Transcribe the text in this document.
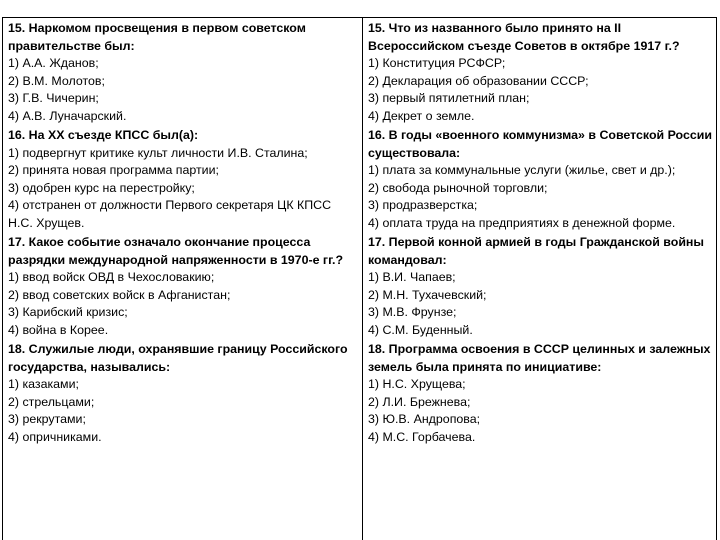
15. Наркомом просвещения в первом советском правительстве был:

1) А.А. Жданов;

2) В.М. Молотов;

3) Г.В. Чичерин;

4) А.В. Луначарский.

16. На XX съезде КПСС был(а):

1) подвергнут критике культ личности И.В. Сталина;

2) принята новая программа партии;

3) одобрен курс на перестройку;

4) отстранен от должности Первого секретаря ЦК КПСС Н.С. Хрущев.

17. Какое событие означало окончание процесса разрядки международной напряженности в 1970-е гг.?

1) ввод войск ОВД в Чехословакию;

2) ввод советских войск в Афганистан;

3) Карибский кризис;

4) война в Корее.

18. Служилые люди, охранявшие границу Российского государства, назывались:

1) казаками;

2) стрельцами;

3) рекрутами;

4) опричниками.

15. Что из названного было принято на II Всероссийском съезде Советов в октябре 1917 г.?

1) Конституция РСФСР;

2) Декларация об образовании СССР;

3) первый пятилетний план;

4) Декрет о земле.

16. В годы «военного коммунизма» в Советской России существовала:

1) плата за коммунальные услуги (жилье, свет и др.);

2) свобода рыночной торговли;

3) продразверстка;

4) оплата труда на предприятиях в денежной форме.

17. Первой конной армией в годы Гражданской войны командовал:

1) В.И. Чапаев;

2) М.Н. Тухачевский;

3) М.В. Фрунзе;

4) С.М. Буденный.

18. Программа освоения в СССР целинных и залежных земель была принята по инициативе:

1) Н.С. Хрущева;

2) Л.И. Брежнева;

3) Ю.В. Андропова;

4) М.С. Горбачева.
